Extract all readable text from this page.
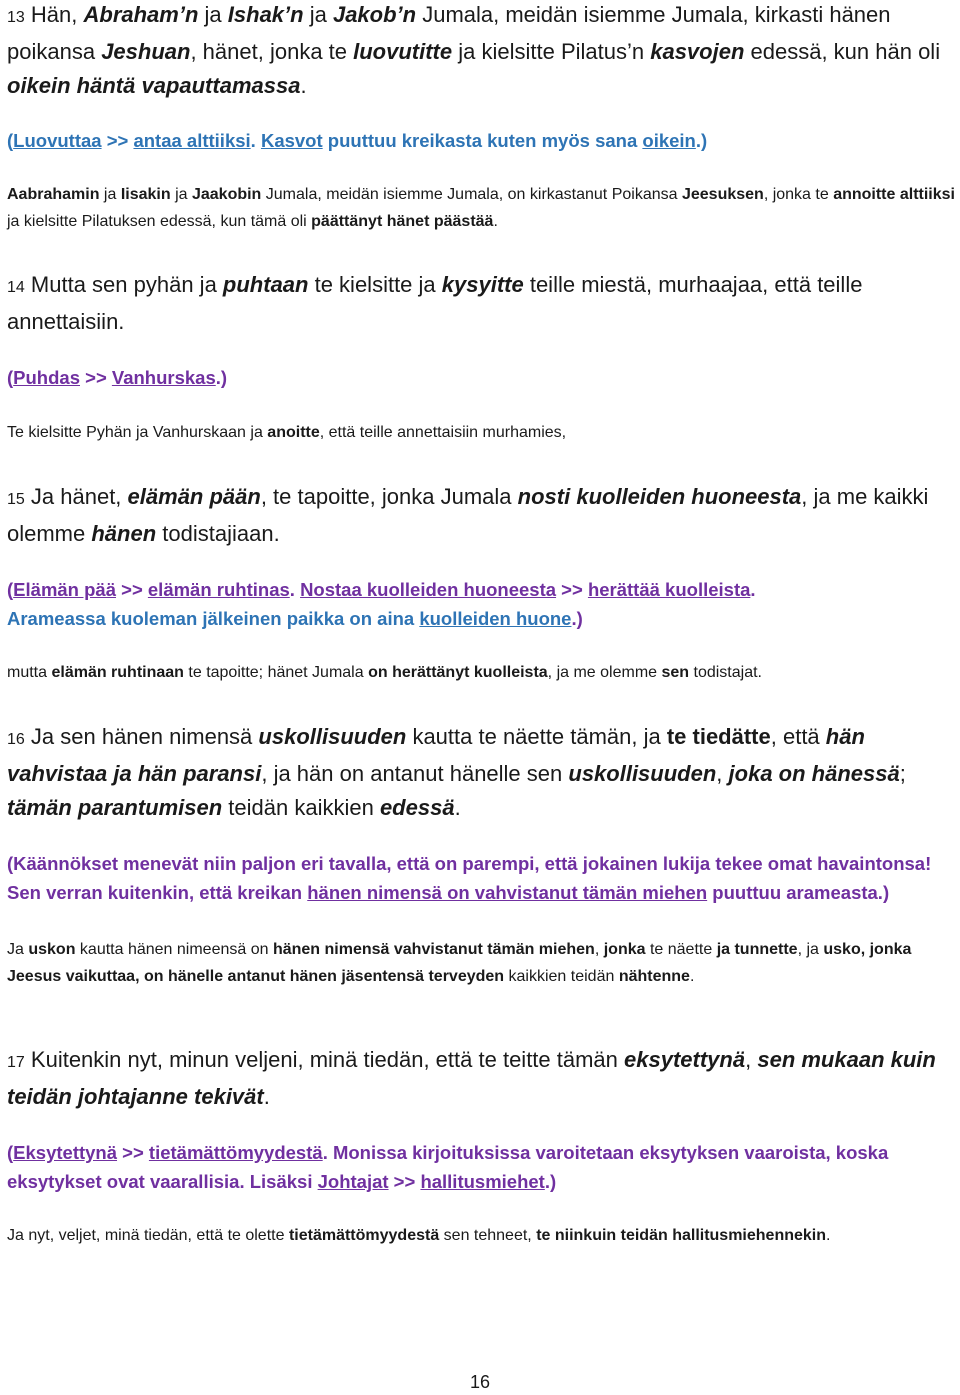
13 Hän, Abraham’n ja Ishak’n ja Jakob’n Jumala, meidän isiemme Jumala, kirkasti hänen poikansa Jeshuan, hänet, jonka te luovutitte ja kielsitte Pilatus’n kasvojen edessä, kun hän oli oikein häntä vapauttamassa.
(Luovuttaa >> antaa alttiiksi. Kasvot puuttuu kreikasta kuten myös sana oikein.)
Aabrahamin ja Iisakin ja Jaakobin Jumala, meidän isiemme Jumala, on kirkastanut Poikansa Jeesuksen, jonka te annoitte alttiiksi ja kielsitte Pilatuksen edessä, kun tämä oli päättänyt hänet päästää.
14 Mutta sen pyhän ja puhtaan te kielsitte ja kysyitte teille miestä, murhaajaa, että teille annettaisiin.
(Puhdas >> Vanhurskas.)
Te kielsitte Pyhän ja Vanhurskaan ja anoitte, että teille annettaisiin murhamies,
15 Ja hänet, elämän pään, te tapoitte, jonka Jumala nosti kuolleiden huoneesta, ja me kaikki olemme hänen todistajiaan.
(Elämän pää >> elämän ruhtinas. Nostaa kuolleiden huoneesta >> herättää kuolleista.
Arameassa kuoleman jälkeinen paikka on aina kuolleiden huone.)
mutta elämän ruhtinaan te tapoitte; hänet Jumala on herättänyt kuolleista, ja me olemme sen todistajat.
16 Ja sen hänen nimensä uskollisuuden kautta te näette tämän, ja te tiedätte, että hän vahvistaa ja hän paransi, ja hän on antanut hänelle sen uskollisuuden, joka on hänessä; tämän parantumisen teidän kaikkien edessä.
(Käännökset menevät niin paljon eri tavalla, että on parempi, että jokainen lukija tekee omat havaintonsa! Sen verran kuitenkin, että kreikan hänen nimensä on vahvistanut tämän miehen puuttuu arameasta.)
Ja uskon kautta hänen nimeensä on hänen nimensä vahvistanut tämän miehen, jonka te näette ja tunnette, ja usko, jonka Jeesus vaikuttaa, on hänelle antanut hänen jäsentensä terveyden kaikkien teidän nähtenne.
17 Kuitenkin nyt, minun veljeni, minä tiedän, että te teitte tämän eksytettynä, sen mukaan kuin teidän johtajanne tekivät.
(Eksytettynä >> tietämättömyydestä. Monissa kirjoituksissa varoitetaan eksytyksen vaaroista, koska eksytykset ovat vaarallisia. Lisäksi Johtajat >> hallitusmiehet.)
Ja nyt, veljet, minä tiedän, että te olette tietämättömyydestä sen tehneet, te niinkuin teidän hallitusmiehennekin.
16
